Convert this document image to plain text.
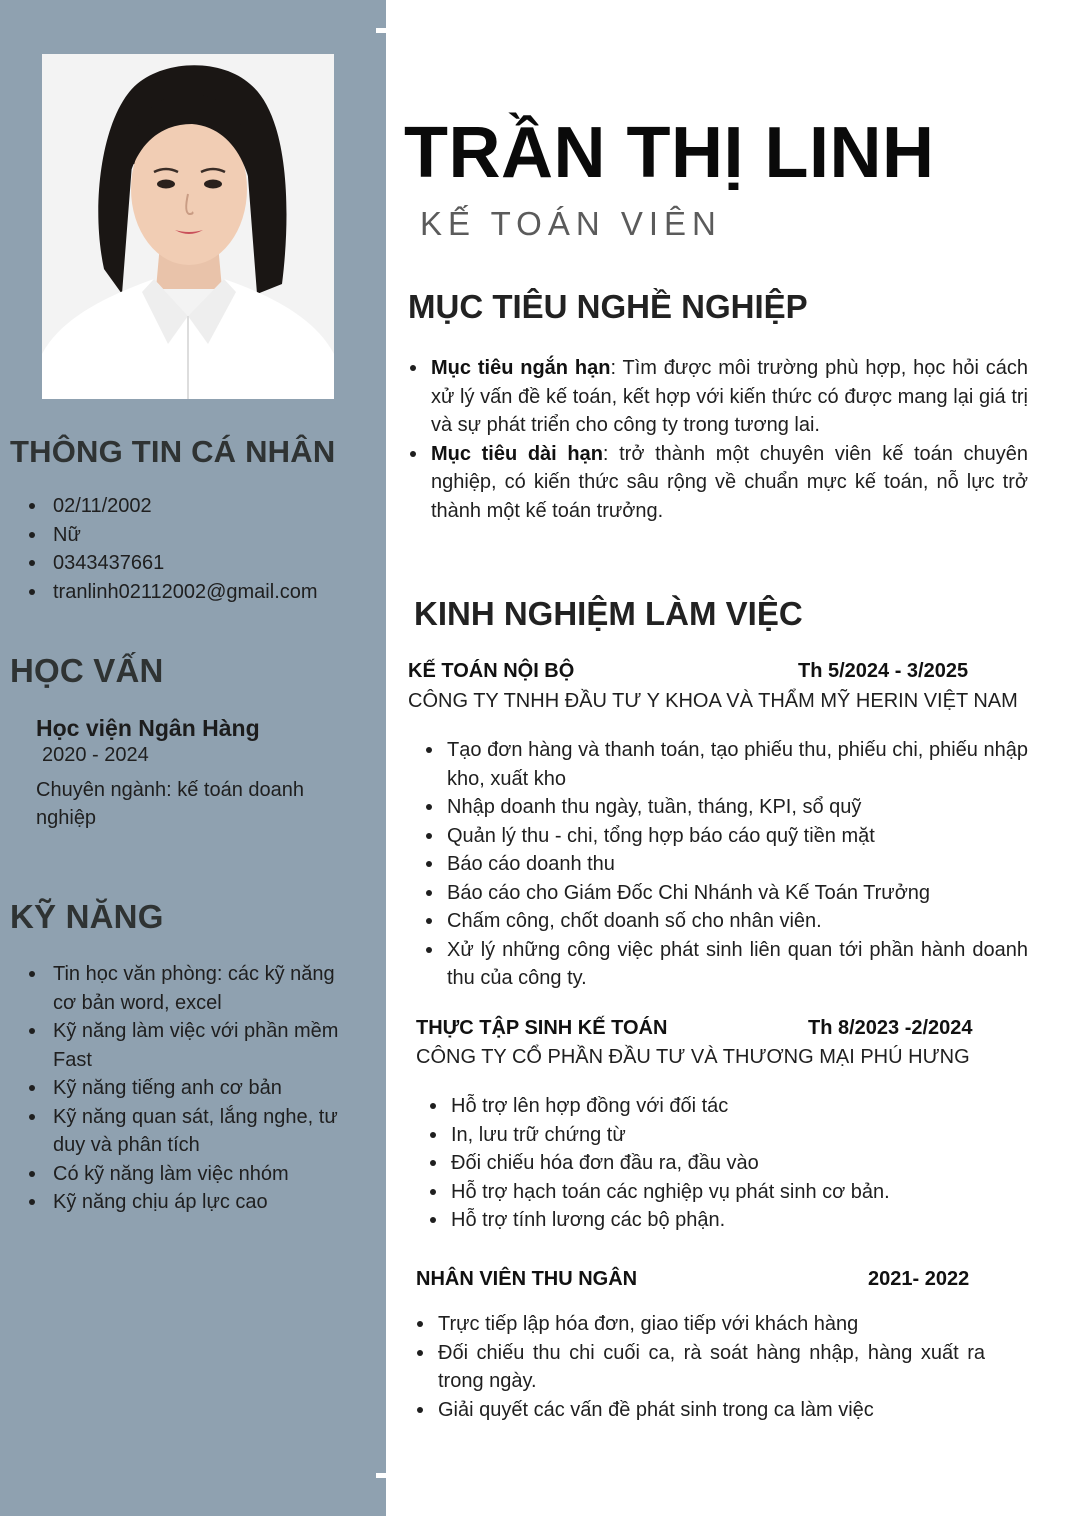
THÔNG TIN CÁ NHÂN
02/11/2002
Nữ
0343437661
tranlinh02112002@gmail.com
HỌC VẤN
Học viện Ngân Hàng
2020 - 2024
Chuyên ngành: kế toán doanh nghiệp
KỸ NĂNG
Tin học văn phòng: các kỹ năng cơ bản word, excel
Kỹ năng làm việc với phần mềm Fast
Kỹ năng tiếng anh cơ bản
Kỹ năng quan sát, lắng nghe, tư duy và phân tích
Có kỹ năng làm việc nhóm
Kỹ năng chịu áp lực cao
TRẦN THỊ LINH
KẾ TOÁN VIÊN
MỤC TIÊU NGHỀ NGHIỆP
Mục tiêu ngắn hạn: Tìm được môi trường phù hợp, học hỏi cách xử lý vấn đề kế toán, kết hợp với kiến thức có được mang lại giá trị và sự phát triển cho công ty trong tương lai.
Mục tiêu dài hạn: trở thành một chuyên viên kế toán chuyên nghiệp, có kiến thức sâu rộng về chuẩn mực kế toán, nỗ lực trở thành một kế toán trưởng.
KINH NGHIỆM LÀM VIỆC
KẾ TOÁN NỘI BỘ	Th 5/2024 - 3/2025
CÔNG TY TNHH ĐẦU TƯ Y KHOA VÀ THẨM MỸ HERIN VIỆT NAM
Tạo đơn hàng và thanh toán, tạo phiếu thu, phiếu chi, phiếu nhập kho, xuất kho
Nhập doanh thu ngày, tuần, tháng, KPI, sổ quỹ
Quản lý thu - chi, tổng hợp báo cáo quỹ tiền mặt
Báo cáo doanh thu
Báo cáo cho Giám Đốc Chi Nhánh và Kế Toán Trưởng
Chấm công, chốt doanh số cho nhân viên.
Xử lý những công việc phát sinh liên quan tới phần hành doanh thu của công ty.
THỰC TẬP SINH KẾ TOÁN	Th 8/2023 -2/2024
CÔNG TY CỔ PHẦN ĐẦU TƯ VÀ THƯƠNG MẠI PHÚ HƯNG
Hỗ trợ lên hợp đồng với đối tác
In, lưu trữ chứng từ
Đối chiếu hóa đơn đầu ra, đầu vào
Hỗ trợ hạch toán các nghiệp vụ phát sinh cơ bản.
Hỗ trợ tính lương các bộ phận.
NHÂN VIÊN THU NGÂN	2021- 2022
Trực tiếp lập hóa đơn, giao tiếp với khách hàng
Đối chiếu thu chi cuối ca, rà soát hàng nhập, hàng xuất ra trong ngày.
Giải quyết các vấn đề phát sinh trong ca làm việc
